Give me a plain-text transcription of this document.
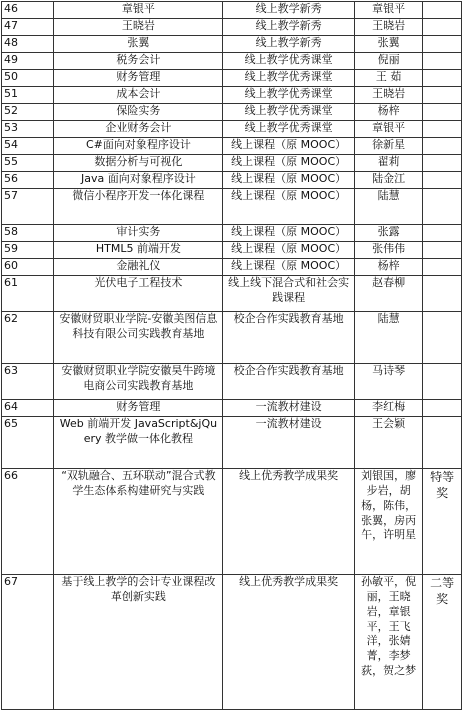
46	章银平	线上教学新秀	章银平	
47	王晓岩	线上教学新秀	王晓岩	
48	张翼	线上教学新秀	张翼	
49	税务会计	线上教学优秀课堂	倪丽	
50	财务管理	线上教学优秀课堂	王 茹	
51	成本会计	线上教学优秀课堂	王晓岩	
52	保险实务	线上教学优秀课堂	杨梓	
53	企业财务会计	线上教学优秀课堂	章银平	
54	C#面向对象程序设计	线上课程（原 MOOC）	徐新星	
55	数据分析与可视化	线上课程（原 MOOC）	翟莉	
56	Java 面向对象程序设计	线上课程（原 MOOC）	陆金江	
57	微信小程序开发一体化课程	线上课程（原 MOOC）	陆慧	
58	审计实务	线上课程（原 MOOC）	张露	
59	HTML5 前端开发	线上课程（原 MOOC）	张伟伟	
60	金融礼仪	线上课程（原 MOOC）	杨梓	
61	光伏电子工程技术	线上线下混合式和社会实践课程	赵春柳	
62	安徽财贸职业学院-安徽美图信息科技有限公司实践教育基地	校企合作实践教育基地	陆慧	
63	安徽财贸职业学院安徽昊牛跨境电商公司实践教育基地	校企合作实践教育基地	马诗琴	
64	财务管理	一流教材建设	李红梅	
65	Web 前端开发 JavaScript&jQuery 教学做一体化教程	一流教材建设	王会颖	
66	“双轨融合、五环联动”混合式教学生态体系构建研究与实践	线上优秀教学成果奖	刘银国，廖步岩，胡杨，陈伟，张翼，房丙午，许明星	特等奖
67	基于线上教学的会计专业课程改革创新实践	线上优秀教学成果奖	孙敏平，倪丽，王晓岩，章银平，王飞洋，张婧菁，李梦荻，贺之梦	二等奖
